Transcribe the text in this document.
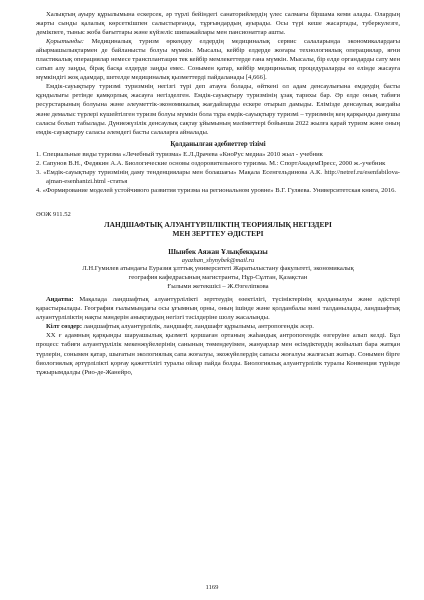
Халықтың ауыру құрылымына ескерсек, әр түрлі бейіндегі санаторийлердің үлес салмағы біршама кеми алады. Олардың жарты сынды қалалық көрсеткішпен салыстырғанда, тұрғындардың ауырады. Осы түрі кеше жасартады, туберкулезге, демікпеге, тыныс жоба бағыттары және күйзеліс шипажайлары мен пансионаттар ашты.

Қорытынды: Медициналық туризм өркендеу елдердің медициналық сервис салаларында экономикалардағы айырмашылықтармен де байланысты болуы мүмкін. Мысалы, кейбір елдерде жоғары технологиялық операциялар, яғни пластикалық операциялар немесе трансплантация тек кейбір мемлекеттерде ғана мүмкін. Мысалы, бір елде органдарды сату мен сатып алу заңды, бірақ басқа елдерде заңды емес. Сонымен қатар, кейбір медициналық процедураларды өз елінде жасауға мүмкіндігі жоқ адамдар, шетелде медициналық қызметтерді пайдаланады [4,666].

Емдік-сауықтыру туризмі туризмнің негізгі түрі деп атауға болады, өйткені ол адам денсаулығына емдеудің басты құндылығы ретінде қамқорлық жасауға негізделген. Емдік-сауықтыру туризмінің ұзақ тарихы бар. Әр елде оның табиғи ресурстарының болуына және әлеуметтік-экономикалық жағдайларды ескере отырып дамыды. Елімізде денсаулық жағдайы және демалыс түрлері күшейтілген туризм болуы мүмкін бола тұра емдік-сауықтыру туризмі – туризмнің кең қарқынды дамушы саласы болып табылады. Дүниежүзілік денсаулық сақтау ұйымының мәліметтері бойынша 2022 жылға қарай туризм және оның емдік-сауықтыру саласы әлемдегі басты салаларға айналады.

Қолданылған әдебиеттер тізімі
1. Специальные виды туризма «Лечебный туризма» Е.Л.Драчева «КноРус медиа» 2010 жыл - учебник
2. Сапунов В.Н., Федякин А.А. Биологические основы оздоровительного туризма. М.: СпортАкадемПресс, 2000 ж.-учебник
3. «Емдік-сауықтыру туризмінің даму тенденциялары мен болашағы» Мақала Есенгельдинова А.К. http://netref.ru/esenfabilova-ajman-esenhanizi.html -статья
4. «Формирование моделей устойчивого развития туризма на региональном уровне» В.Г. Гуляева. Университетская книга, 2016.
ӘОЖ 911.52
ЛАНДШАФТЫҚ АЛУАНТҮРЛІЛІКТІҢ ТЕОРИЯЛЫҚ НЕГІЗДЕРІ
МЕН ЗЕРТТЕУ ӘДІСТЕРІ
Шынбек Аяжан Ұлықбекқызы
ayazhan_shynybek@mail.ru
Л.Н.Гумилев атындағы Еуразия ұлттық университеті Жаратылыстану факультеті, экономикалық
география кафедрасының магистранты, Нұр-Сұлтан, Қазақстан
Ғылыми жетекшісі – Ж.Өзгеліпкова

Аңдатпа: Мақалада ландшафтық алуантүрлілікті зерттеудің өзектілігі, түсініктерінің қолданылуы және әдістері қарастырылады. География ғылымындағы осы ұғымның орны, оның ішінде және қолданбалы мәні талданылады, ландшафтық алуантүрліліктің нақты мәндерін анықтаудың негізгі тәсілдеріне шолу жасалынды.

Кілт сөздер: ландшафтық алуантүрлілік, ландшафт, ландшафт құрылымы, антропогендік әсер.

XX ғ адамның қарқынды шаруашылық қызметі қоршаған ортаның жаһандық антропогендік өзгеруіне алып келді. Бұл процесс табиғи алуантүрлілік мекенжүйелерінің санының төмендеуімен, жануарлар мен өсімдіктердің жойылып бара жатқан түрлерін, сонымен қатар, шығатын экологиялық сапа жоғалуы, экожүйелердің сапасы жоғалуы жалғасып жатыр. Сонымен бірге биологиялық әртүрлілікті қорғау қажеттілігі туралы ойлар пайда болды. Биологиялық алуантүрлілік туралы Конвенция түрінде тұжырымдалды (Рио-де-Жанейро,

1169
